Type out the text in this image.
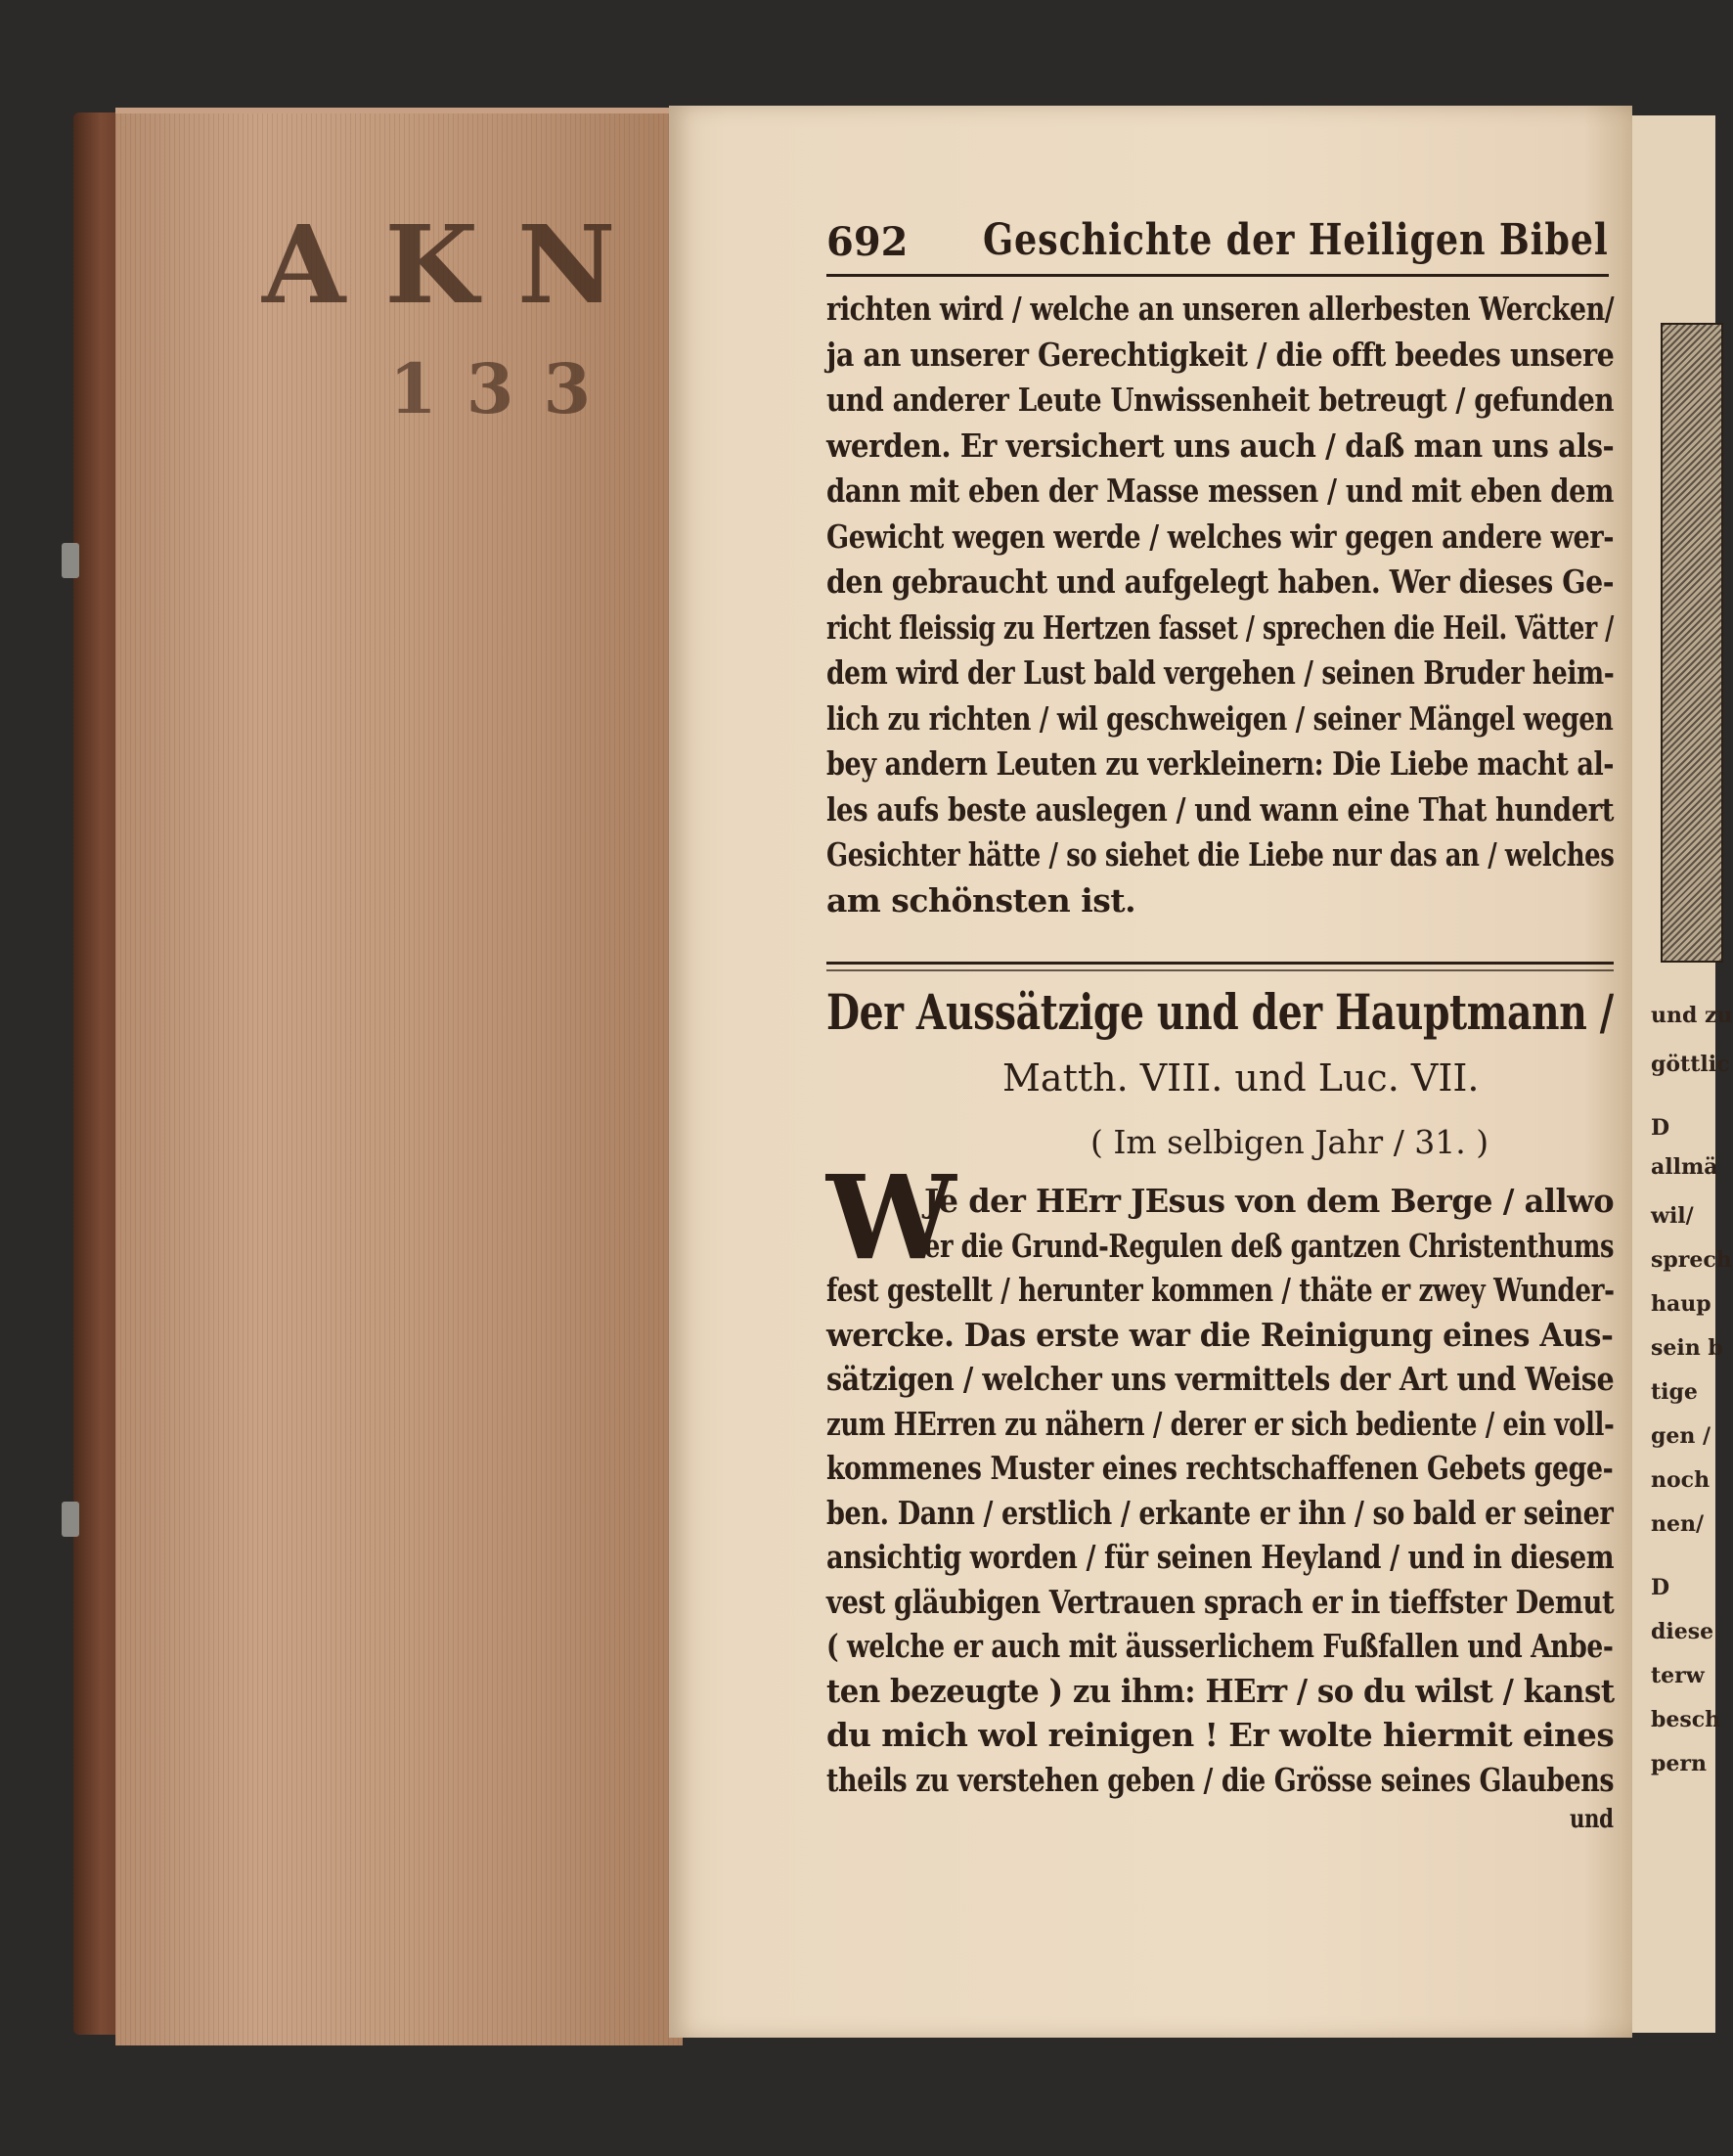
AKN
133
und zu
göttlic
D
allmä
wil/
sprech
haup
sein b
tige
gen /
noch
nen/
D
diese
terw
besch
pern
692 Geschichte der Heiligen Bibel
richten wird / welche an unseren allerbesten Wercken/
ja an unserer Gerechtigkeit / die offt beedes unsere
und anderer Leute Unwissenheit betreugt / gefunden
werden. Er versichert uns auch / daß man uns als-
dann mit eben der Masse messen / und mit eben dem
Gewicht wegen werde / welches wir gegen andere wer-
den gebraucht und aufgelegt haben. Wer dieses Ge-
richt fleissig zu Hertzen fasset / sprechen die Heil. Vätter /
dem wird der Lust bald vergehen / seinen Bruder heim-
lich zu richten / wil geschweigen / seiner Mängel wegen
bey andern Leuten zu verkleinern: Die Liebe macht al-
les aufs beste auslegen / und wann eine That hundert
Gesichter hätte / so siehet die Liebe nur das an / welches
am schönsten ist.
Der Aussätzige und der Hauptmann /
Matth. VIII. und Luc. VII.
( Im selbigen Jahr / 31. )
W
Je der HErr JEsus von dem Berge / allwo
er die Grund-Regulen deß gantzen Christenthums
fest gestellt / herunter kommen / thäte er zwey Wunder-
wercke. Das erste war die Reinigung eines Aus-
sätzigen / welcher uns vermittels der Art und Weise
zum HErren zu nähern / derer er sich bediente / ein voll-
kommenes Muster eines rechtschaffenen Gebets gege-
ben. Dann / erstlich / erkante er ihn / so bald er seiner
ansichtig worden / für seinen Heyland / und in diesem
vest gläubigen Vertrauen sprach er in tieffster Demut
( welche er auch mit äusserlichem Fußfallen und Anbe-
ten bezeugte ) zu ihm: HErr / so du wilst / kanst
du mich wol reinigen ! Er wolte hiermit eines
theils zu verstehen geben / die Grösse seines Glaubens
und
